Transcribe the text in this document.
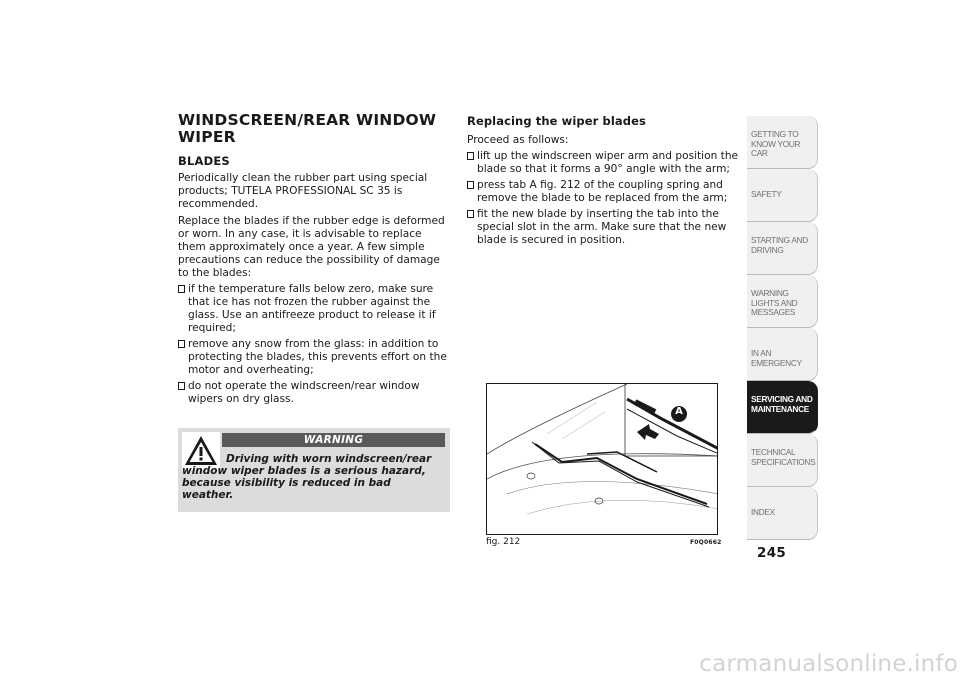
WINDSCREEN/REAR WINDOW WIPER
BLADES
Periodically clean the rubber part using special products; TUTELA PROFESSIONAL SC 35 is recommended.
Replace the blades if the rubber edge is deformed or worn. In any case, it is advisable to replace them approximately once a year. A few simple precautions can reduce the possibility of damage to the blades:
if the temperature falls below zero, make sure that ice has not frozen the rubber against the glass. Use an antifreeze product to release it if required;
remove any snow from the glass: in addition to protecting the blades, this prevents effort on the motor and overheating;
do not operate the windscreen/rear window wipers on dry glass.
WARNING
Driving with worn windscreen/rear window wiper blades is a serious hazard, because visibility is reduced in bad weather.
Replacing the wiper blades
Proceed as follows:
lift up the windscreen wiper arm and position the blade so that it forms a 90° angle with the arm;
press tab A fig. 212 of the coupling spring and remove the blade to be replaced from the arm;
fit the new blade by inserting the tab into the special slot in the arm. Make sure that the new blade is secured in position.
A
fig. 212	F0Q0662
GETTING TO KNOW YOUR CAR
SAFETY
STARTING AND DRIVING
WARNING LIGHTS AND MESSAGES
IN AN EMERGENCY
SERVICING AND MAINTENANCE
TECHNICAL SPECIFICATIONS
INDEX
245
carmanualsonline.info
